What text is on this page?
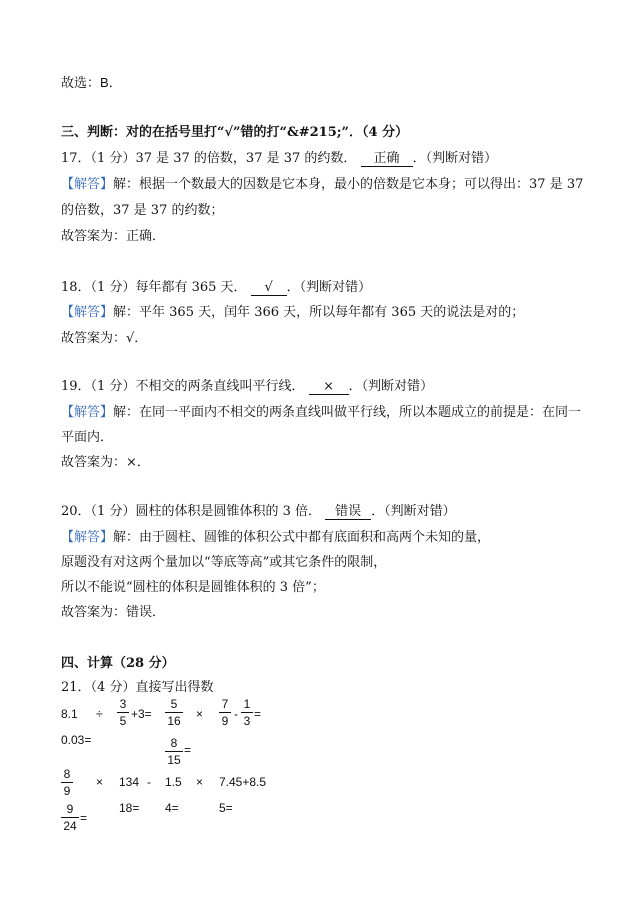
故选：B．
三、判断：对的在括号里打“√”错的打“&#215;”．（4 分）
17．（1 分）37 是 37 的倍数，37 是 37 的约数． 正确 ．（判断对错）
【解答】解：根据一个数最大的因数是它本身，最小的倍数是它本身；可以得出：37 是 37
的倍数，37 是 37 的约数；
故答案为：正确．
18．（1 分）每年都有 365 天． √ ．（判断对错）
【解答】解：平年 365 天，闰年 366 天，所以每年都有 365 天的说法是对的；
故答案为：√．
19．（1 分）不相交的两条直线叫平行线． × ．（判断对错）
【解答】解：在同一平面内不相交的两条直线叫做平行线，所以本题成立的前提是：在同一
平面内．
故答案为：×．
20．（1 分）圆柱的体积是圆锥体积的 3 倍． 错误 ．（判断对错）
【解答】解：由于圆柱、圆锥的体积公式中都有底面积和高两个未知的量，
原题没有对这两个量加以“等底等高”或其它条件的限制，
所以不能说“圆柱的体积是圆锥体积的 3 倍”；
故答案为：错误．
四、计算（28 分）
21．（4 分）直接写出得数
8.1 ÷
3
5 +3=
5
16 ×
7
9 -
1
3 =
0.03=	8
15
=
8
9
× 134 - 1.5 × 7.45+8.5
18= 4=	5=
9
24
=
